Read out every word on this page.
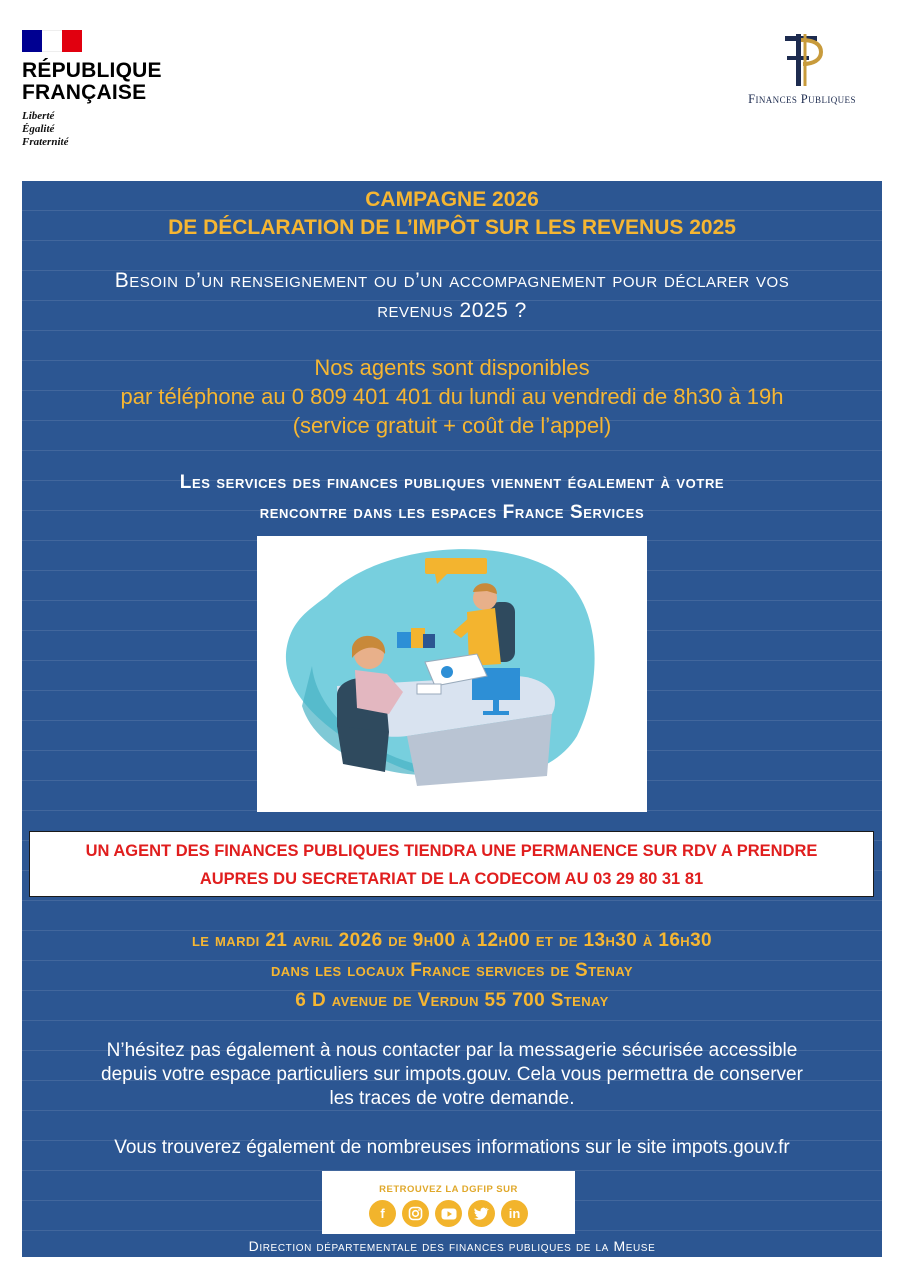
RÉPUBLIQUE
FRANÇAISE
Liberté
Égalité
Fraternité
Finances Publiques
CAMPAGNE 2026
DE DÉCLARATION DE L’IMPÔT SUR LES REVENUS 2025
Besoin d’un renseignement ou d’un accompagnement pour déclarer vos
revenus 2025 ?
Nos agents sont disponibles
par téléphone au 0 809 401 401 du lundi au vendredi de 8h30 à 19h
(service gratuit + coût de l’appel)
Les services des finances publiques viennent également à votre
rencontre dans les espaces France Services
UN AGENT DES FINANCES PUBLIQUES TIENDRA UNE PERMANENCE SUR RDV A PRENDRE
AUPRES DU SECRETARIAT DE LA CODECOM AU 03 29 80 31 81
le mardi 21 avril 2026 de 9h00 à 12h00 et de 13h30 à 16h30
dans les locaux France services de Stenay
6 D avenue de Verdun 55 700 Stenay
N’hésitez pas également à nous contacter par la messagerie sécurisée accessible
depuis votre espace particuliers sur impots.gouv. Cela vous permettra de conserver
les traces de votre demande.
Vous trouverez également de nombreuses informations sur le site impots.gouv.fr
RETROUVEZ LA DGFIP SUR
f	in
Direction départementale des finances publiques de la Meuse
